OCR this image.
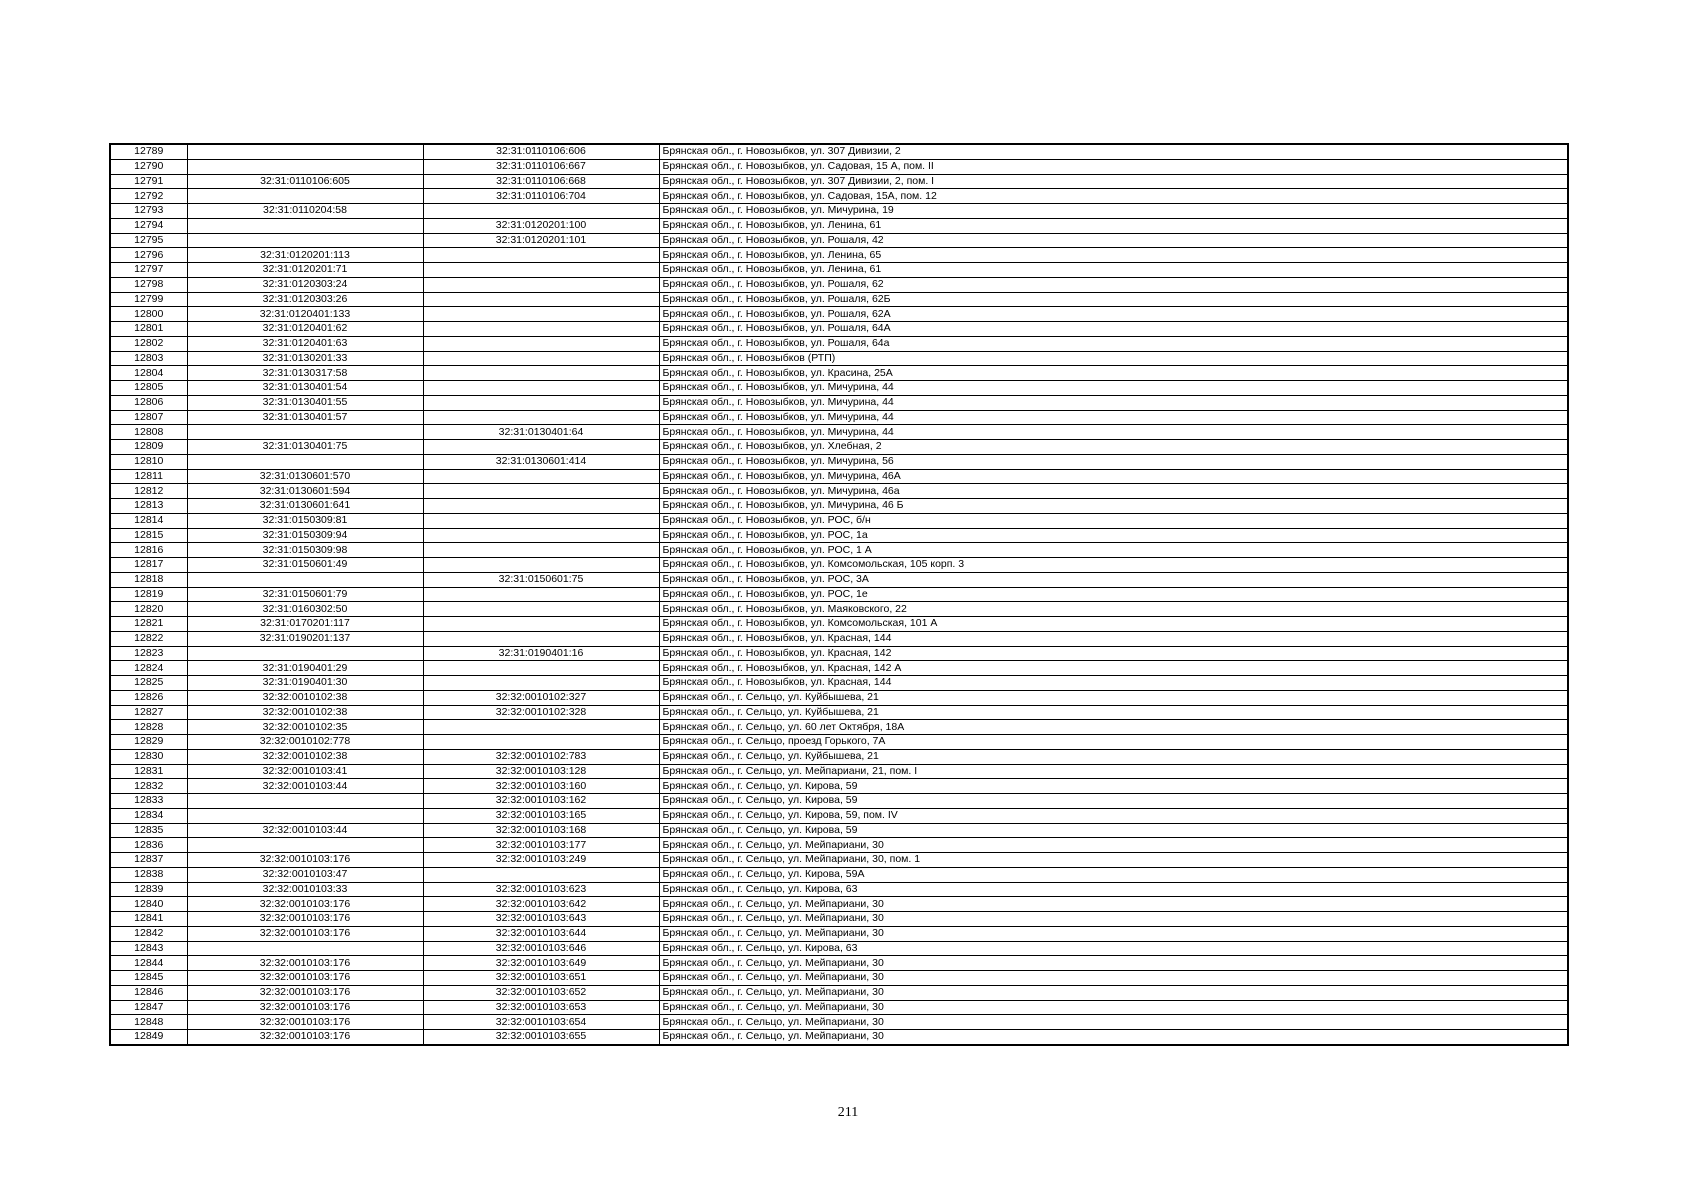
12789		32:31:0110106:606	Брянская обл., г. Новозыбков, ул. 307 Дивизии, 2
12790		32:31:0110106:667	Брянская обл., г. Новозыбков, ул. Садовая, 15 А, пом. II
12791	32:31:0110106:605	32:31:0110106:668	Брянская обл., г. Новозыбков, ул. 307 Дивизии, 2, пом. I
12792		32:31:0110106:704	Брянская обл., г. Новозыбков, ул. Садовая, 15А, пом. 12
12793	32:31:0110204:58		Брянская обл., г. Новозыбков, ул. Мичурина, 19
12794		32:31:0120201:100	Брянская обл., г. Новозыбков, ул. Ленина, 61
12795		32:31:0120201:101	Брянская обл., г. Новозыбков, ул. Рошаля, 42
12796	32:31:0120201:113		Брянская обл., г. Новозыбков, ул. Ленина, 65
12797	32:31:0120201:71		Брянская обл., г. Новозыбков, ул. Ленина, 61
12798	32:31:0120303:24		Брянская обл., г. Новозыбков, ул. Рошаля, 62
12799	32:31:0120303:26		Брянская обл., г. Новозыбков, ул. Рошаля, 62Б
12800	32:31:0120401:133		Брянская обл., г. Новозыбков, ул. Рошаля, 62А
12801	32:31:0120401:62		Брянская обл., г. Новозыбков, ул. Рошаля, 64А
12802	32:31:0120401:63		Брянская обл., г. Новозыбков, ул. Рошаля, 64а
12803	32:31:0130201:33		Брянская обл., г. Новозыбков (РТП)
12804	32:31:0130317:58		Брянская обл., г. Новозыбков, ул. Красина, 25А
12805	32:31:0130401:54		Брянская обл., г. Новозыбков, ул. Мичурина, 44
12806	32:31:0130401:55		Брянская обл., г. Новозыбков, ул. Мичурина, 44
12807	32:31:0130401:57		Брянская обл., г. Новозыбков, ул. Мичурина, 44
12808		32:31:0130401:64	Брянская обл., г. Новозыбков, ул. Мичурина, 44
12809	32:31:0130401:75		Брянская обл., г. Новозыбков, ул. Хлебная, 2
12810		32:31:0130601:414	Брянская обл., г. Новозыбков, ул. Мичурина, 56
12811	32:31:0130601:570		Брянская обл., г. Новозыбков, ул. Мичурина, 46А
12812	32:31:0130601:594		Брянская обл., г. Новозыбков, ул. Мичурина, 46а
12813	32:31:0130601:641		Брянская обл., г. Новозыбков, ул. Мичурина, 46 Б
12814	32:31:0150309:81		Брянская обл., г. Новозыбков, ул. РОС, б/н
12815	32:31:0150309:94		Брянская обл., г. Новозыбков, ул. РОС, 1а
12816	32:31:0150309:98		Брянская обл., г. Новозыбков, ул. РОС, 1 А
12817	32:31:0150601:49		Брянская обл., г. Новозыбков, ул. Комсомольская, 105 корп. 3
12818		32:31:0150601:75	Брянская обл., г. Новозыбков, ул. РОС, 3А
12819	32:31:0150601:79		Брянская обл., г. Новозыбков, ул. РОС, 1е
12820	32:31:0160302:50		Брянская обл., г. Новозыбков, ул. Маяковского, 22
12821	32:31:0170201:117		Брянская обл., г. Новозыбков, ул. Комсомольская, 101 А
12822	32:31:0190201:137		Брянская обл., г. Новозыбков, ул. Красная, 144
12823		32:31:0190401:16	Брянская обл., г. Новозыбков, ул. Красная, 142
12824	32:31:0190401:29		Брянская обл., г. Новозыбков, ул. Красная, 142 А
12825	32:31:0190401:30		Брянская обл., г. Новозыбков, ул. Красная, 144
12826	32:32:0010102:38	32:32:0010102:327	Брянская обл., г. Сельцо, ул. Куйбышева, 21
12827	32:32:0010102:38	32:32:0010102:328	Брянская обл., г. Сельцо, ул. Куйбышева, 21
12828	32:32:0010102:35		Брянская обл., г. Сельцо, ул. 60 лет Октября, 18А
12829	32:32:0010102:778		Брянская обл., г. Сельцо, проезд Горького, 7А
12830	32:32:0010102:38	32:32:0010102:783	Брянская обл., г. Сельцо, ул. Куйбышева, 21
12831	32:32:0010103:41	32:32:0010103:128	Брянская обл., г. Сельцо, ул. Мейпариани, 21, пом. I
12832	32:32:0010103:44	32:32:0010103:160	Брянская обл., г. Сельцо, ул. Кирова, 59
12833		32:32:0010103:162	Брянская обл., г. Сельцо, ул. Кирова, 59
12834		32:32:0010103:165	Брянская обл., г. Сельцо, ул. Кирова, 59, пом. IV
12835	32:32:0010103:44	32:32:0010103:168	Брянская обл., г. Сельцо, ул. Кирова, 59
12836		32:32:0010103:177	Брянская обл., г. Сельцо, ул. Мейпариани, 30
12837	32:32:0010103:176	32:32:0010103:249	Брянская обл., г. Сельцо, ул. Мейпариани, 30, пом. 1
12838	32:32:0010103:47		Брянская обл., г. Сельцо, ул. Кирова, 59А
12839	32:32:0010103:33	32:32:0010103:623	Брянская обл., г. Сельцо, ул. Кирова, 63
12840	32:32:0010103:176	32:32:0010103:642	Брянская обл., г. Сельцо, ул. Мейпариани, 30
12841	32:32:0010103:176	32:32:0010103:643	Брянская обл., г. Сельцо, ул. Мейпариани, 30
12842	32:32:0010103:176	32:32:0010103:644	Брянская обл., г. Сельцо, ул. Мейпариани, 30
12843		32:32:0010103:646	Брянская обл., г. Сельцо, ул. Кирова, 63
12844	32:32:0010103:176	32:32:0010103:649	Брянская обл., г. Сельцо, ул. Мейпариани, 30
12845	32:32:0010103:176	32:32:0010103:651	Брянская обл., г. Сельцо, ул. Мейпариани, 30
12846	32:32:0010103:176	32:32:0010103:652	Брянская обл., г. Сельцо, ул. Мейпариани, 30
12847	32:32:0010103:176	32:32:0010103:653	Брянская обл., г. Сельцо, ул. Мейпариани, 30
12848	32:32:0010103:176	32:32:0010103:654	Брянская обл., г. Сельцо, ул. Мейпариани, 30
12849	32:32:0010103:176	32:32:0010103:655	Брянская обл., г. Сельцо, ул. Мейпариани, 30
211
